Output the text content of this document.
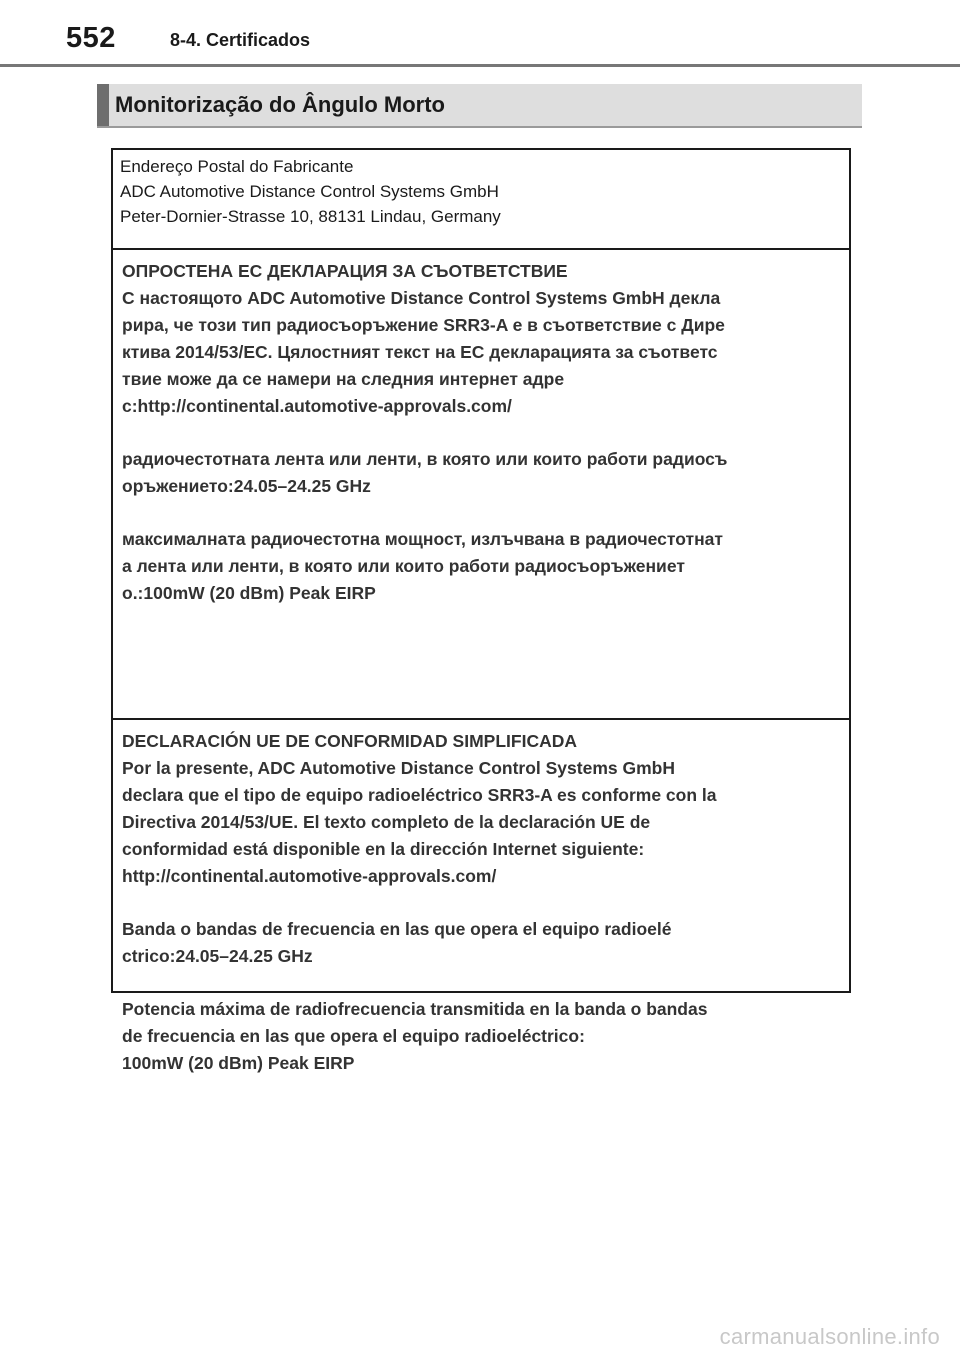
552	8-4. Certificados
Monitorização do Ângulo Morto
Endereço Postal do Fabricante
ADC Automotive Distance Control Systems GmbH
Peter-Dornier-Strasse 10, 88131 Lindau, Germany

ОПРОСТЕНА ЕС ДЕКЛАРАЦИЯ ЗА СЪОТВЕТСТВИЕ

С настоящото ADC Automotive Distance Control Systems GmbH декла

рира, че този тип радиосъоръжение SRR3-A е в съответствие с Дире

ктива 2014/53/ЕС. Цялостният текст на ЕС декларацията за съответс

твие може да се намери на следния интернет адре

c:http://continental.automotive-approvals.com/

радиочестотната лента или ленти, в която или които работи радиосъ

оръжението:24.05–24.25 GHz

максималната радиочестотна мощност, излъчвана в радиочестотнат

а лента или ленти, в която или които работи радиосъоръжениет

о.:100mW (20 dBm) Peak EIRP

DECLARACIÓN UE DE CONFORMIDAD SIMPLIFICADA

Por la presente, ADC Automotive Distance Control Systems GmbH

declara que el tipo de equipo radioeléctrico SRR3-A es conforme con la

Directiva 2014/53/UE. El texto completo de la declaración UE de

conformidad está disponible en la dirección Internet siguiente:

http://continental.automotive-approvals.com/

Banda o bandas de frecuencia en las que opera el equipo radioelé

ctrico:24.05–24.25 GHz

Potencia máxima de radiofrecuencia transmitida en la banda o bandas

de frecuencia en las que opera el equipo radioeléctrico:

100mW (20 dBm) Peak EIRP

carmanualsonline.info
